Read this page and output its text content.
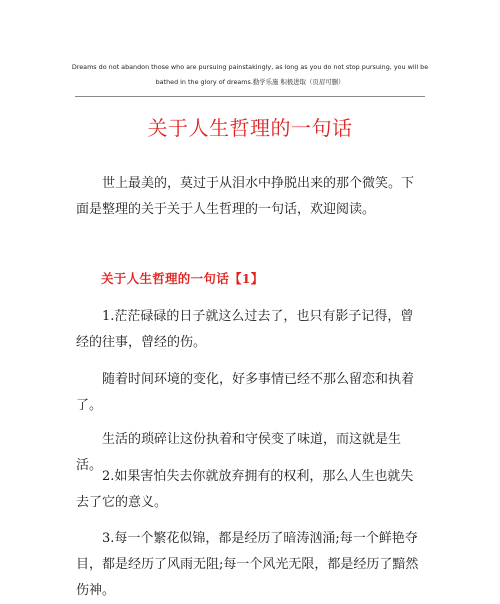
Dreams do not abandon those who are pursuing painstakingly, as long as you do not stop pursuing, you will be
bathed in the glory of dreams.勤学乐施 积极进取（页眉可删）
关于人生哲理的一句话

世上最美的，莫过于从泪水中挣脱出来的那个微笑。下面是整理的关于关于人生哲理的一句话，欢迎阅读。

关于人生哲理的一句话【1】

1.茫茫碌碌的日子就这么过去了，也只有影子记得，曾经的往事，曾经的伤。

随着时间环境的变化，好多事情已经不那么留恋和执着了。

生活的琐碎让这份执着和守侯变了味道，而这就是生活。

2.如果害怕失去你就放弃拥有的权利，那么人生也就失去了它的意义。

3.每一个繁花似锦，都是经历了暗涛汹涌;每一个鲜艳夺目，都是经历了风雨无阻;每一个风光无限，都是经历了黯然伤神。
